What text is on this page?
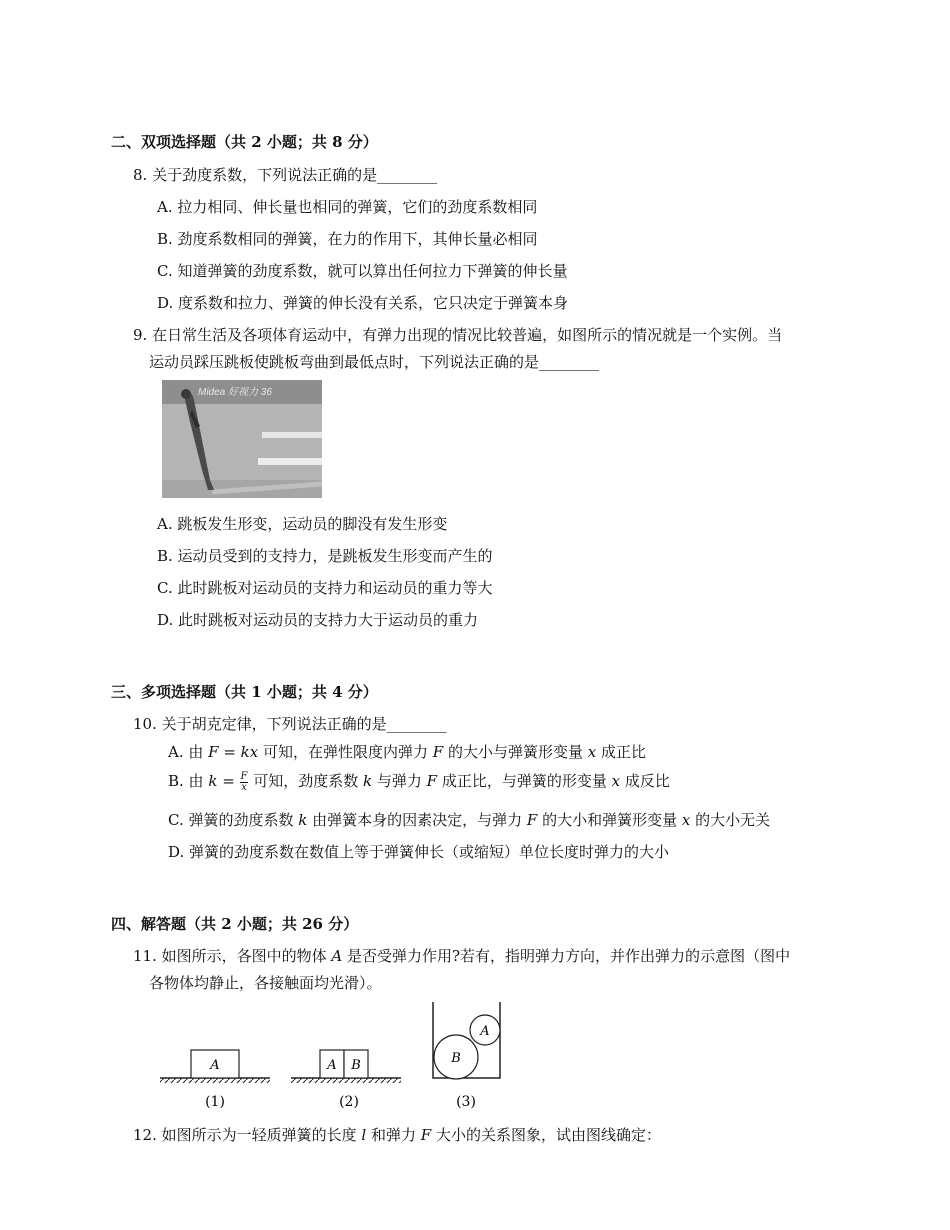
二、双项选择题（共 2 小题；共 8 分）
8. 关于劲度系数，下列说法正确的是________
A. 拉力相同、伸长量也相同的弹簧，它们的劲度系数相同
B. 劲度系数相同的弹簧，在力的作用下，其伸长量必相同
C. 知道弹簧的劲度系数，就可以算出任何拉力下弹簧的伸长量
D. 度系数和拉力、弹簧的伸长没有关系，它只决定于弹簧本身
9. 在日常生活及各项体育运动中，有弹力出现的情况比较普遍，如图所示的情况就是一个实例。当
运动员踩压跳板使跳板弯曲到最低点时，下列说法正确的是________
Midea 好视力 36
A. 跳板发生形变，运动员的脚没有发生形变
B. 运动员受到的支持力，是跳板发生形变而产生的
C. 此时跳板对运动员的支持力和运动员的重力等大
D. 此时跳板对运动员的支持力大于运动员的重力
三、多项选择题（共 1 小题；共 4 分）
10. 关于胡克定律，下列说法正确的是________
A. 由 F = kx 可知，在弹性限度内弹力 F 的大小与弹簧形变量 x 成正比
B. 由 $k = \frac{F}{x}$ 可知，劲度系数 k 与弹力 F 成正比，与弹簧的形变量 x 成反比
C. 弹簧的劲度系数 k 由弹簧本身的因素决定，与弹力 F 的大小和弹簧形变量 x 的大小无关
D. 弹簧的劲度系数在数值上等于弹簧伸长（或缩短）单位长度时弹力的大小
四、解答题（共 2 小题；共 26 分）
11. 如图所示，各图中的物体 A 是否受弹力作用?若有，指明弹力方向，并作出弹力的示意图（图中
各物体均静止，各接触面均光滑）。
A
(1)
A B
(2)
B
A
(3)
12. 如图所示为一轻质弹簧的长度 l 和弹力 F 大小的关系图象，试由图线确定：
